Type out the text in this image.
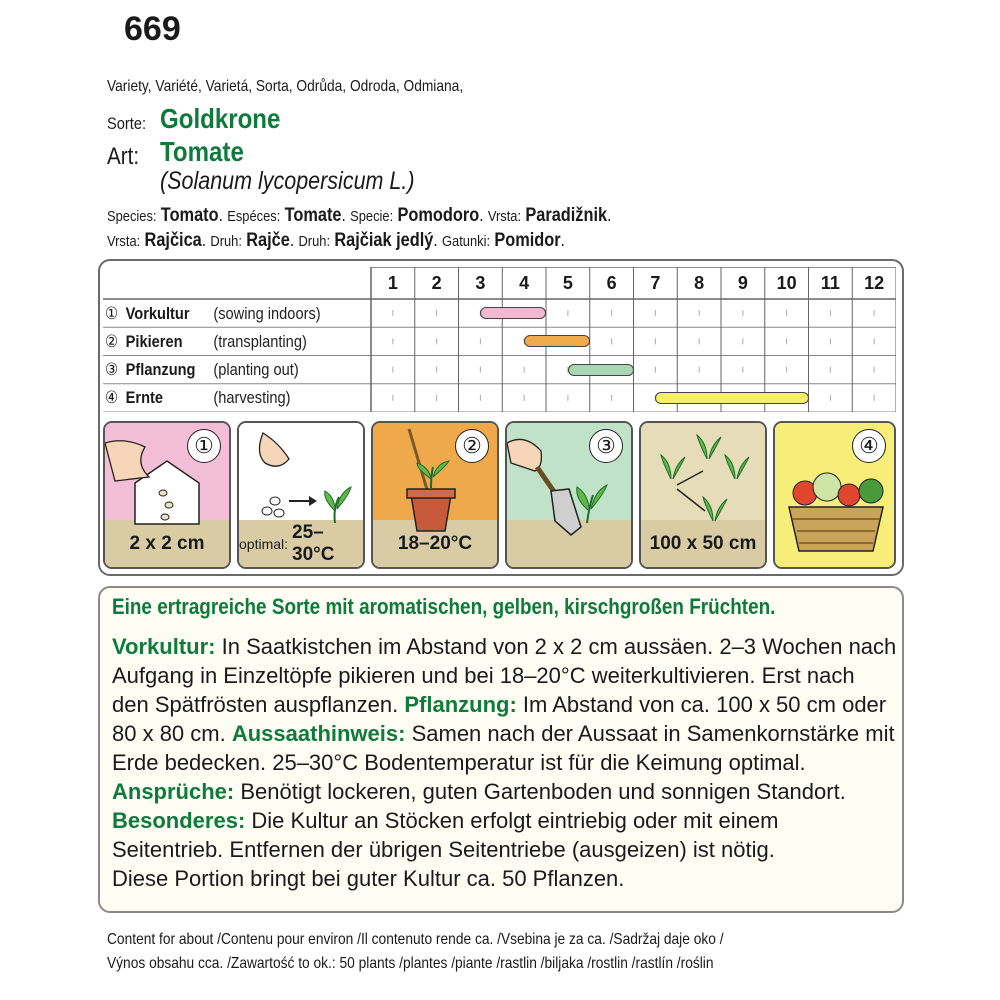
669
Variety, Variété, Varietá, Sorta, Odrůda, Odroda, Odmiana,
Sorte: Goldkrone
Art: Tomate
(Solanum lycopersicum L.)
Species: Tomato. Espéces: Tomate. Specie: Pomodoro. Vrsta: Paradižnik.
Vrsta: Rajčica. Druh: Rajče. Druh: Rajčiak jedlý. Gatunki: Pomidor.
1	2	3	4	5	6	7	8	9	10	11	12
① Vorkultur	(sowing indoors)
② Pikieren	(transplanting)
③ Pflanzung	(planting out)
④ Ernte	(harvesting)
①
2 x 2 cm	optimal:
25–30°C
②
18–20°C
③
100 x 50 cm
④
Eine ertragreiche Sorte mit aromatischen, gelben, kirschgroßen Früchten.
Vorkultur: In Saatkistchen im Abstand von 2 x 2 cm aussäen. 2–3 Wochen nach
Aufgang in Einzeltöpfe pikieren und bei 18–20°C weiterkultivieren. Erst nach
den Spätfrösten auspflanzen. Pflanzung: Im Abstand von ca. 100 x 50 cm oder
80 x 80 cm. Aussaathinweis: Samen nach der Aussaat in Samenkornstärke mit
Erde bedecken. 25–30°C Bodentemperatur ist für die Keimung optimal.
Ansprüche: Benötigt lockeren, guten Gartenboden und sonnigen Standort.
Besonderes: Die Kultur an Stöcken erfolgt eintriebig oder mit einem
Seitentrieb. Entfernen der übrigen Seitentriebe (ausgeizen) ist nötig.
Diese Portion bringt bei guter Kultur ca. 50 Pflanzen.
Content for about /Contenu pour environ /Il contenuto rende ca. /Vsebina je za ca. /Sadržaj daje oko /
Výnos obsahu cca. /Zawartość to ok.: 50 plants /plantes /piante /rastlin /biljaka /rostlin /rastlín /roślin
